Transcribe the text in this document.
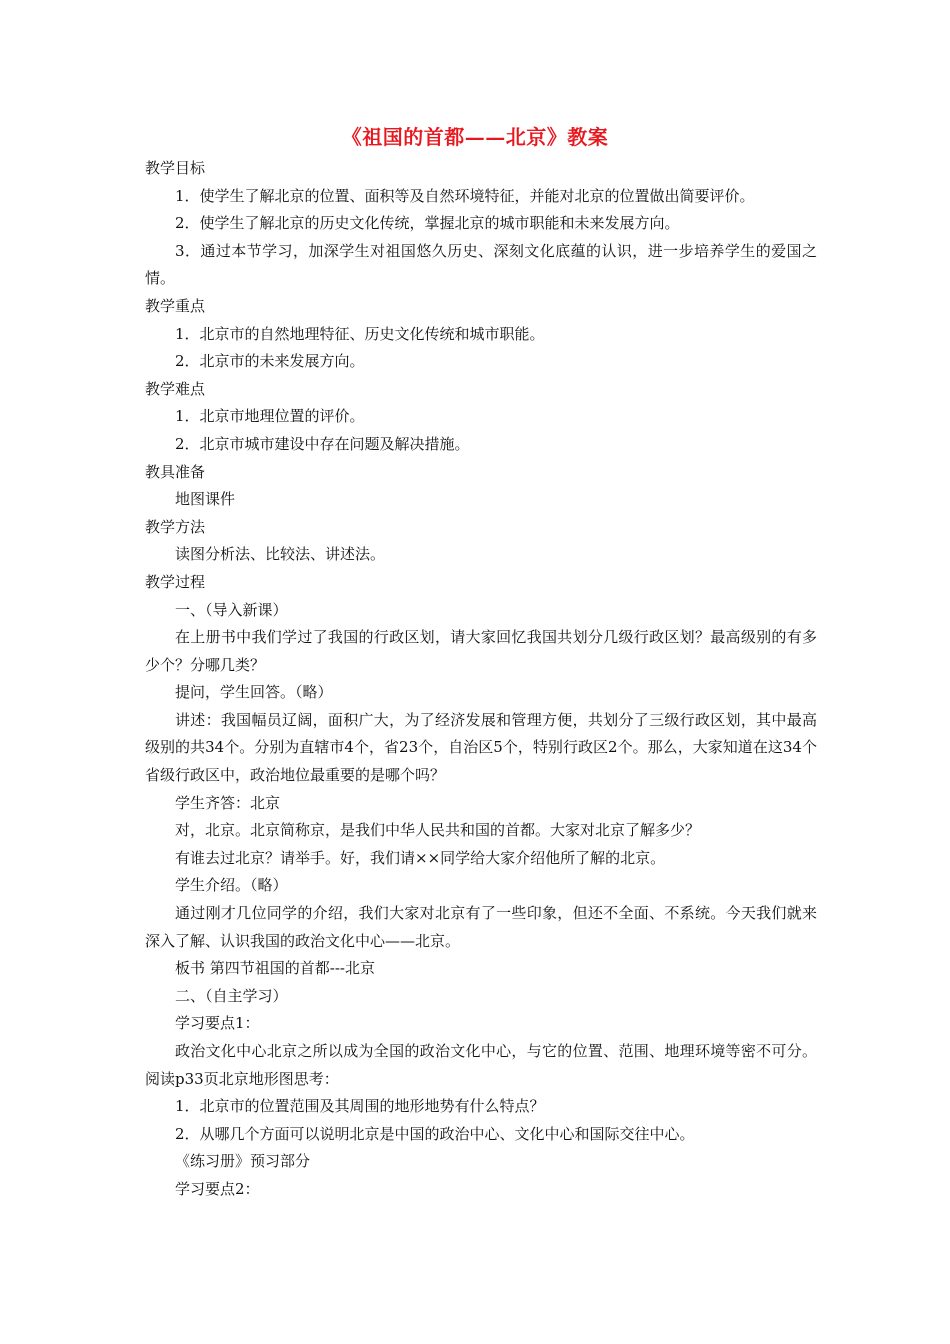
《祖国的首都——北京》教案

教学目标

1．使学生了解北京的位置、面积等及自然环境特征，并能对北京的位置做出简要评价。

2．使学生了解北京的历史文化传统，掌握北京的城市职能和未来发展方向。

3．通过本节学习，加深学生对祖国悠久历史、深刻文化底蕴的认识，进一步培养学生的爱国之情。

教学重点

1．北京市的自然地理特征、历史文化传统和城市职能。

2．北京市的未来发展方向。

教学难点

1．北京市地理位置的评价。

2．北京市城市建设中存在问题及解决措施。

教具准备

地图课件

教学方法

读图分析法、比较法、讲述法。

教学过程

一、（导入新课）

在上册书中我们学过了我国的行政区划，请大家回忆我国共划分几级行政区划？最高级别的有多少个？分哪几类？

提问，学生回答。（略）

讲述：我国幅员辽阔，面积广大，为了经济发展和管理方便，共划分了三级行政区划，其中最高级别的共34个。分别为直辖市4个，省23个，自治区5个，特别行政区2个。那么，大家知道在这34个省级行政区中，政治地位最重要的是哪个吗？

学生齐答：北京

对，北京。北京简称京，是我们中华人民共和国的首都。大家对北京了解多少？

有谁去过北京？请举手。好，我们请××同学给大家介绍他所了解的北京。

学生介绍。（略）

通过刚才几位同学的介绍，我们大家对北京有了一些印象，但还不全面、不系统。今天我们就来深入了解、认识我国的政治文化中心——北京。

板书 第四节祖国的首都---北京

二、（自主学习）

学习要点1：

政治文化中心北京之所以成为全国的政治文化中心，与它的位置、范围、地理环境等密不可分。阅读p33页北京地形图思考：

1．北京市的位置范围及其周围的地形地势有什么特点？

2．从哪几个方面可以说明北京是中国的政治中心、文化中心和国际交往中心。

《练习册》预习部分

学习要点2：
